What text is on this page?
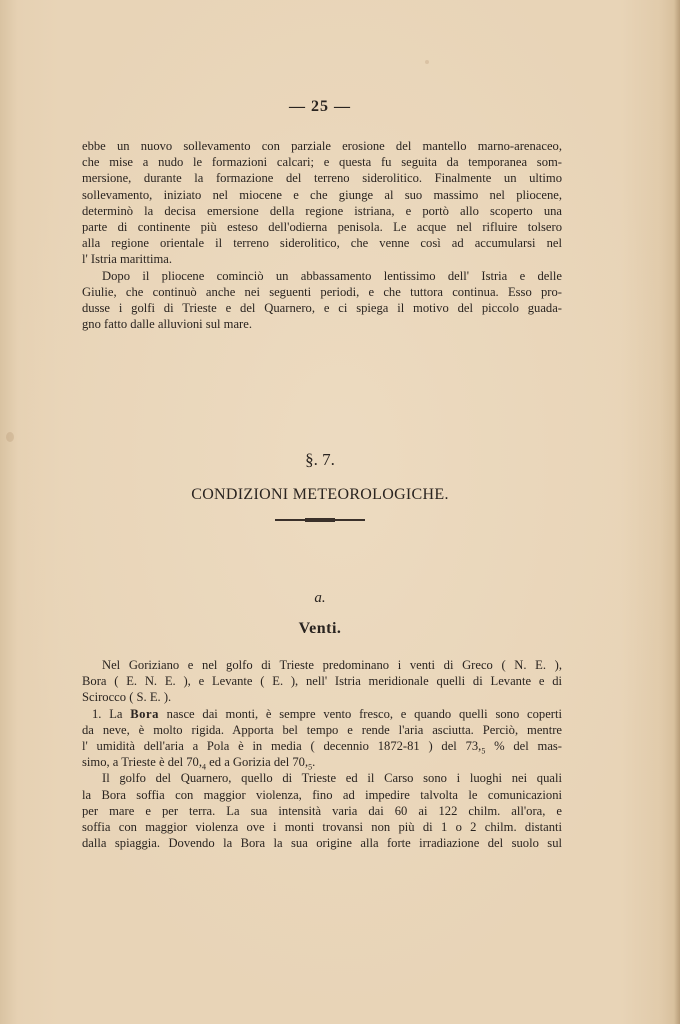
— 25 —

ebbe un nuovo sollevamento con parziale erosione del mantello marno-arenaceo,
che mise a nudo le formazioni calcari; e questa fu seguita da temporanea som-
mersione, durante la formazione del terreno siderolitico. Finalmente un ultimo
sollevamento, iniziato nel miocene e che giunge al suo massimo nel pliocene,
determinò la decisa emersione della regione istriana, e portò allo scoperto una
parte di continente più esteso dell'odierna penisola. Le acque nel rifluire tolsero
alla regione orientale il terreno siderolitico, che venne così ad accumularsi nel
l' Istria marittima.

Dopo il pliocene cominciò un abbassamento lentissimo dell' Istria e delle
Giulie, che continuò anche nei seguenti periodi, e che tuttora continua. Esso pro-
dusse i golfi di Trieste e del Quarnero, e ci spiega il motivo del piccolo guada-
gno fatto dalle alluvioni sul mare.

§. 7.
CONDIZIONI METEOROLOGICHE.
a.
Venti.

Nel Goriziano e nel golfo di Trieste predominano i venti di Greco ( N. E. ),
Bora ( E. N. E. ), e Levante ( E. ), nell' Istria meridionale quelli di Levante e di
Scirocco ( S. E. ).

1. La Bora nasce dai monti, è sempre vento fresco, e quando quelli sono coperti
da neve, è molto rigida. Apporta bel tempo e rende l'aria asciutta. Perciò, mentre
l' umidità dell'aria a Pola è in media ( decennio 1872-81 ) del $73,_5$ % del mas-
simo, a Trieste è del $70,_4$ ed a Gorizia del $70,_5$.

Il golfo del Quarnero, quello di Trieste ed il Carso sono i luoghi nei quali
la Bora soffia con maggior violenza, fino ad impedire talvolta le comunicazioni
per mare e per terra. La sua intensità varia dai 60 ai 122 chilm. all'ora, e
soffia con maggior violenza ove i monti trovansi non più di 1 o 2 chilm. distanti
dalla spiaggia. Dovendo la Bora la sua origine alla forte irradiazione del suolo sul
